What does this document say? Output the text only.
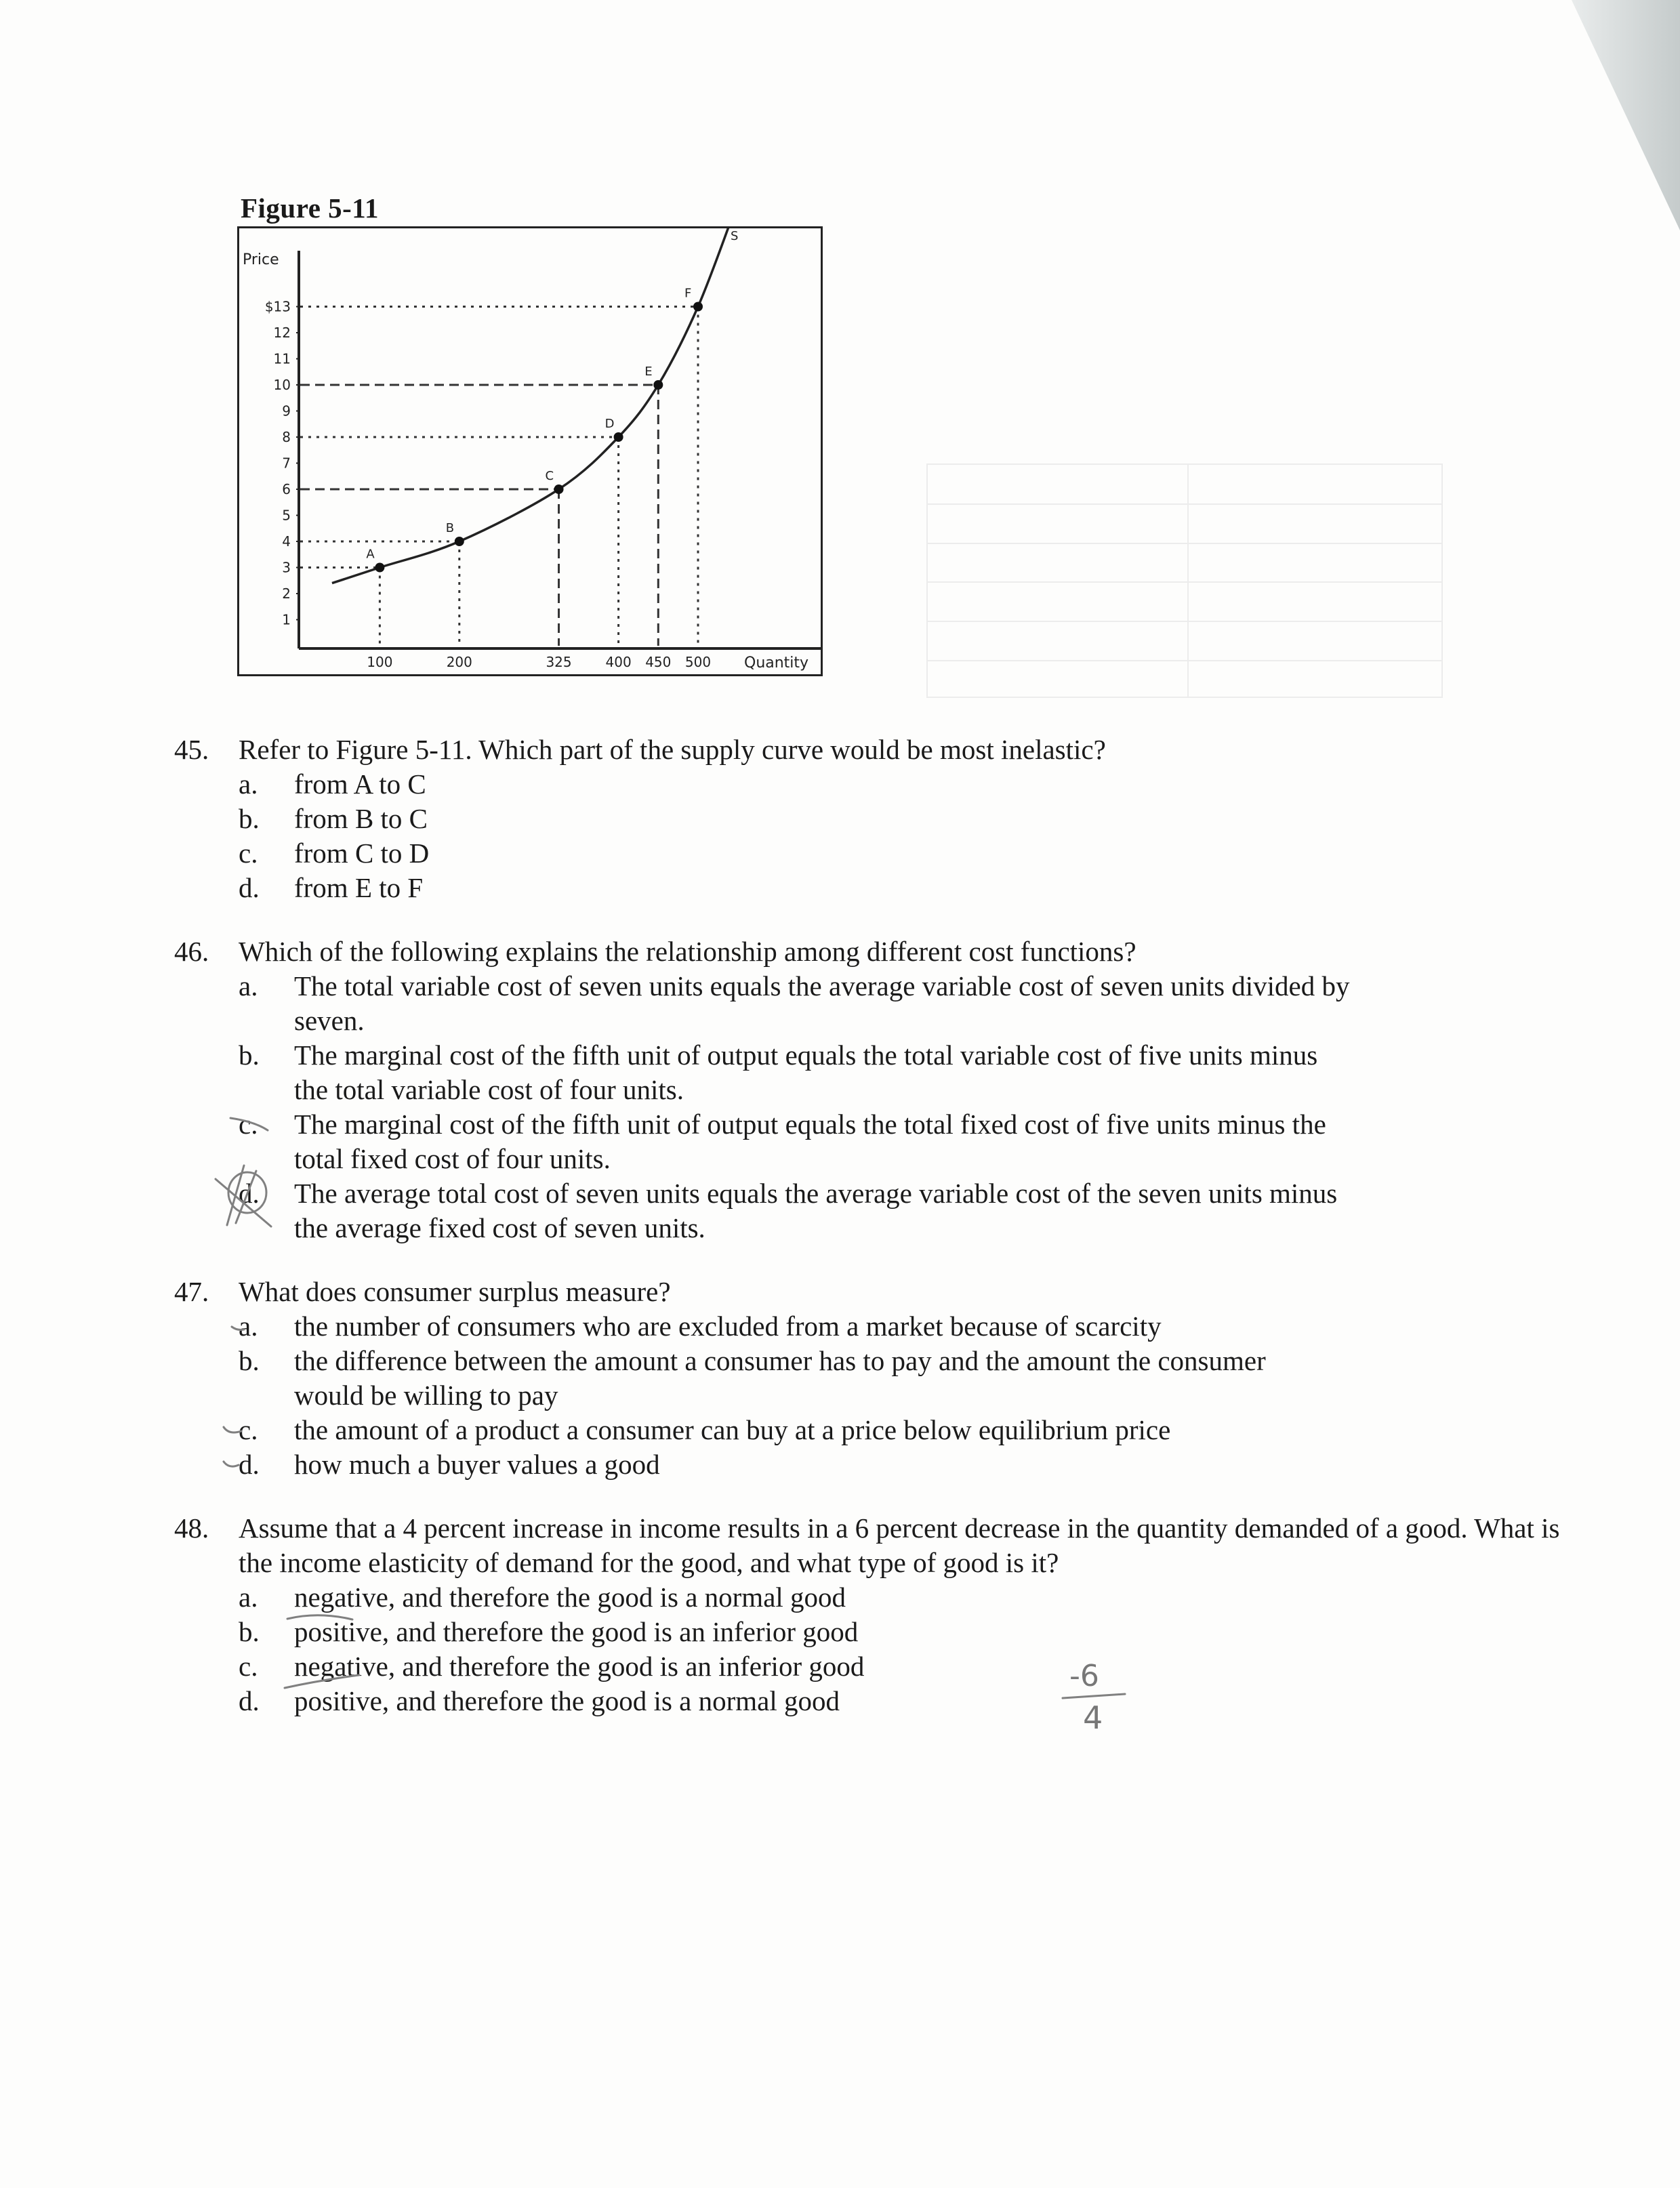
Figure 5-11
A
B
C
D
E
F
1
2
3
4
5
6
7
8
9
10
11
12
$13
100	200	325 400 450 500
Price
Quantity
S
45. Refer to Figure 5-11. Which part of the supply curve would be most inelastic?
a. from A to C
b. from B to C
c. from C to D
d. from E to F
46. Which of the following explains the relationship among different cost functions?
a. The total variable cost of seven units equals the average variable cost of seven units divided by seven.
b. The marginal cost of the fifth unit of output equals the total variable cost of five units minus the total variable cost of four units.
c. The marginal cost of the fifth unit of output equals the total fixed cost of five units minus the total fixed cost of four units.
d. The average total cost of seven units equals the average variable cost of the seven units minus the average fixed cost of seven units.
47. What does consumer surplus measure?
a. the number of consumers who are excluded from a market because of scarcity
b. the difference between the amount a consumer has to pay and the amount the consumer would be willing to pay
c. the amount of a product a consumer can buy at a price below equilibrium price
d. how much a buyer values a good
48. Assume that a 4 percent increase in income results in a 6 percent decrease in the quantity demanded of a good. What is the income elasticity of demand for the good, and what type of good is it?
a. negative, and therefore the good is a normal good
b. positive, and therefore the good is an inferior good
c. negative, and therefore the good is an inferior good
d. positive, and therefore the good is a normal good
-6
4
